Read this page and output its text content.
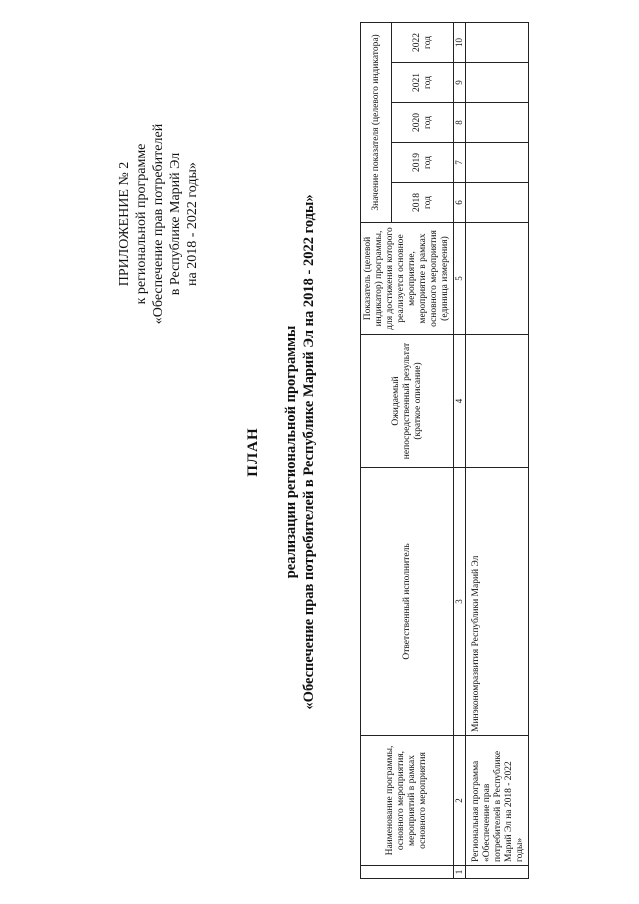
ПРИЛОЖЕНИЕ № 2 к региональной программе «Обеспечение прав потребителей в Республике Марий Эл на 2018 - 2022 годы»
ПЛАН реализации региональной программы «Обеспечение прав потребителей в Республике Марий Эл на 2018 - 2022 годы»
	Наименование программы, основного мероприятия, мероприятий в рамках основного мероприятия	Ответственный исполнитель	Ожидаемый непосредственный результат (краткое описание)	Показатель (целевой индикатор) программы, для достижения которого реализуется основное мероприятие, мероприятие в рамках основного мероприятия (единица измерения)	Значение показателя (целевого индикатора)				
					2018 год	2019 год	2020 год	2021 год	2022 год
1	2	3	4	5	6	7	8	9	10
	Региональная программа «Обеспечение прав потребителей в Республике Марий Эл на 2018 - 2022 годы»	Минэкономразвития Республики Марий Эл							
